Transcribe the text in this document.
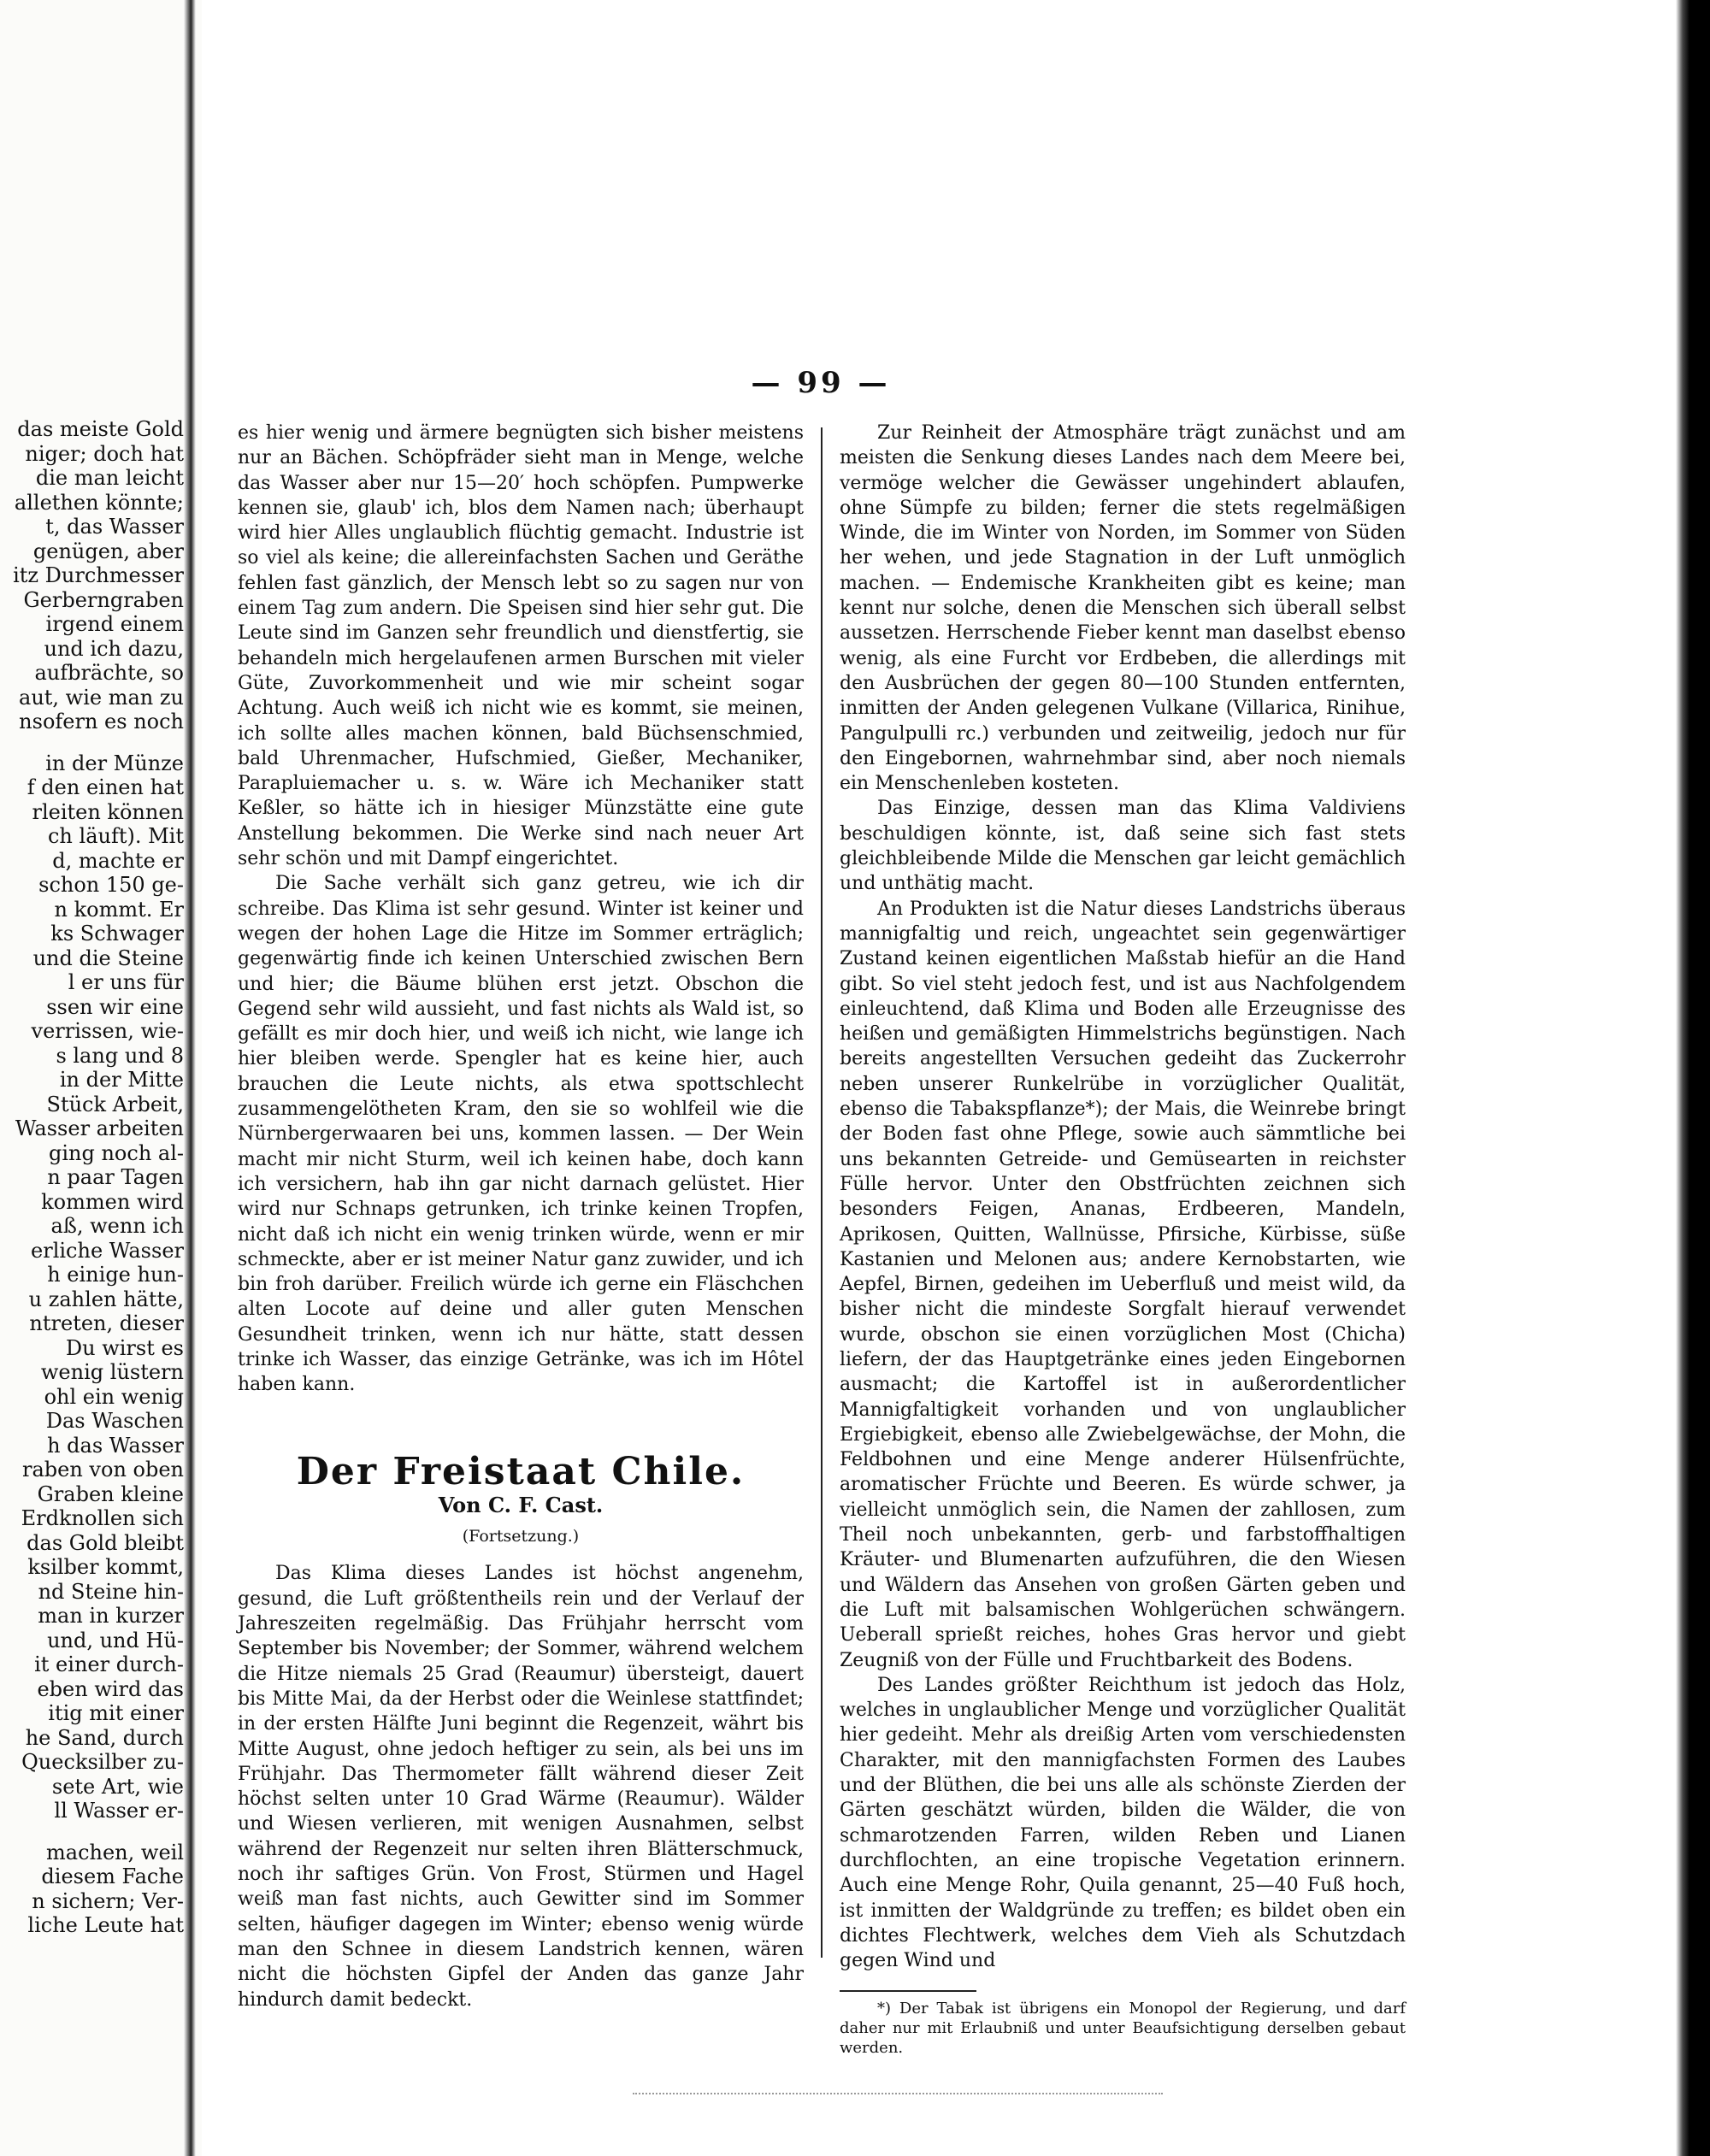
das meiste Gold
niger; doch hat
die man leicht
allethen könnte;
t, das Wasser
genügen, aber
itz Durchmesser
Gerberngraben
irgend einem
und ich dazu,
aufbrächte, so
aut, wie man zu
nsofern es noch
in der Münze
f den einen hat
rleiten können
ch läuft). Mit
d, machte er
schon 150 ge-
n kommt. Er
ks Schwager
und die Steine
l er uns für
ssen wir eine
verrissen, wie-
s lang und 8
in der Mitte
Stück Arbeit,
Wasser arbeiten
ging noch al-
n paar Tagen
kommen wird
aß, wenn ich
erliche Wasser
h einige hun-
u zahlen hätte,
ntreten, dieser
Du wirst es
wenig lüstern
ohl ein wenig
Das Waschen
h das Wasser
raben von oben
Graben kleine
Erdknollen sich
das Gold bleibt
ksilber kommt,
nd Steine hin-
man in kurzer
und, und Hü-
it einer durch-
eben wird das
itig mit einer
he Sand, durch
Quecksilber zu-
sete Art, wie
ll Wasser er-
machen, weil
diesem Fache
n sichern; Ver-
liche Leute hat
— 99 —

es hier wenig und ärmere begnügten sich bisher meistens nur an Bächen. Schöpfräder sieht man in Menge, welche das Wasser aber nur 15—20′ hoch schöpfen. Pumpwerke kennen sie, glaub' ich, blos dem Namen nach; überhaupt wird hier Alles unglaublich flüchtig gemacht. Industrie ist so viel als keine; die allereinfachsten Sachen und Geräthe fehlen fast gänzlich, der Mensch lebt so zu sagen nur von einem Tag zum andern. Die Speisen sind hier sehr gut. Die Leute sind im Ganzen sehr freundlich und dienstfertig, sie behandeln mich hergelaufenen armen Burschen mit vieler Güte, Zuvorkommenheit und wie mir scheint sogar Achtung. Auch weiß ich nicht wie es kommt, sie meinen, ich sollte alles machen können, bald Büchsenschmied, bald Uhrenmacher, Hufschmied, Gießer, Mechaniker, Parapluiemacher u. s. w. Wäre ich Mechaniker statt Keßler, so hätte ich in hiesiger Münzstätte eine gute Anstellung bekommen. Die Werke sind nach neuer Art sehr schön und mit Dampf eingerichtet.

Die Sache verhält sich ganz getreu, wie ich dir schreibe. Das Klima ist sehr gesund. Winter ist keiner und wegen der hohen Lage die Hitze im Sommer erträglich; gegenwärtig finde ich keinen Unterschied zwischen Bern und hier; die Bäume blühen erst jetzt. Obschon die Gegend sehr wild aussieht, und fast nichts als Wald ist, so gefällt es mir doch hier, und weiß ich nicht, wie lange ich hier bleiben werde. Spengler hat es keine hier, auch brauchen die Leute nichts, als etwa spottschlecht zusammengelötheten Kram, den sie so wohlfeil wie die Nürnbergerwaaren bei uns, kommen lassen. — Der Wein macht mir nicht Sturm, weil ich keinen habe, doch kann ich versichern, hab ihn gar nicht darnach gelüstet. Hier wird nur Schnaps getrunken, ich trinke keinen Tropfen, nicht daß ich nicht ein wenig trinken würde, wenn er mir schmeckte, aber er ist meiner Natur ganz zuwider, und ich bin froh darüber. Freilich würde ich gerne ein Fläschchen alten Locote auf deine und aller guten Menschen Gesundheit trinken, wenn ich nur hätte, statt dessen trinke ich Wasser, das einzige Getränke, was ich im Hôtel haben kann.

Der Freistaat Chile.
Von C. F. Cast.
(Fortsetzung.)

Das Klima dieses Landes ist höchst angenehm, gesund, die Luft größtentheils rein und der Verlauf der Jahreszeiten regelmäßig. Das Frühjahr herrscht vom September bis November; der Sommer, während welchem die Hitze niemals 25 Grad (Reaumur) übersteigt, dauert bis Mitte Mai, da der Herbst oder die Weinlese stattfindet; in der ersten Hälfte Juni beginnt die Regenzeit, währt bis Mitte August, ohne jedoch heftiger zu sein, als bei uns im Frühjahr. Das Thermometer fällt während dieser Zeit höchst selten unter 10 Grad Wärme (Reaumur). Wälder und Wiesen verlieren, mit wenigen Ausnahmen, selbst während der Regenzeit nur selten ihren Blätterschmuck, noch ihr saftiges Grün. Von Frost, Stürmen und Hagel weiß man fast nichts, auch Gewitter sind im Sommer selten, häufiger dagegen im Winter; ebenso wenig würde man den Schnee in diesem Landstrich kennen, wären nicht die höchsten Gipfel der Anden das ganze Jahr hindurch damit bedeckt.

Zur Reinheit der Atmosphäre trägt zunächst und am meisten die Senkung dieses Landes nach dem Meere bei, vermöge welcher die Gewässer ungehindert ablaufen, ohne Sümpfe zu bilden; ferner die stets regelmäßigen Winde, die im Winter von Norden, im Sommer von Süden her wehen, und jede Stagnation in der Luft unmöglich machen. — Endemische Krankheiten gibt es keine; man kennt nur solche, denen die Menschen sich überall selbst aussetzen. Herrschende Fieber kennt man daselbst ebenso wenig, als eine Furcht vor Erdbeben, die allerdings mit den Ausbrüchen der gegen 80—100 Stunden entfernten, inmitten der Anden gelegenen Vulkane (Villarica, Rinihue, Pangulpulli rc.) verbunden und zeitweilig, jedoch nur für den Eingebornen, wahrnehmbar sind, aber noch niemals ein Menschenleben kosteten.

Das Einzige, dessen man das Klima Valdiviens beschuldigen könnte, ist, daß seine sich fast stets gleichbleibende Milde die Menschen gar leicht gemächlich und unthätig macht.

An Produkten ist die Natur dieses Landstrichs überaus mannigfaltig und reich, ungeachtet sein gegenwärtiger Zustand keinen eigentlichen Maßstab hiefür an die Hand gibt. So viel steht jedoch fest, und ist aus Nachfolgendem einleuchtend, daß Klima und Boden alle Erzeugnisse des heißen und gemäßigten Himmelstrichs begünstigen. Nach bereits angestellten Versuchen gedeiht das Zuckerrohr neben unserer Runkelrübe in vorzüglicher Qualität, ebenso die Tabakspflanze*); der Mais, die Weinrebe bringt der Boden fast ohne Pflege, sowie auch sämmtliche bei uns bekannten Getreide- und Gemüsearten in reichster Fülle hervor. Unter den Obstfrüchten zeichnen sich besonders Feigen, Ananas, Erdbeeren, Mandeln, Aprikosen, Quitten, Wallnüsse, Pfirsiche, Kürbisse, süße Kastanien und Melonen aus; andere Kernobstarten, wie Aepfel, Birnen, gedeihen im Ueberfluß und meist wild, da bisher nicht die mindeste Sorgfalt hierauf verwendet wurde, obschon sie einen vorzüglichen Most (Chicha) liefern, der das Hauptgetränke eines jeden Eingebornen ausmacht; die Kartoffel ist in außerordentlicher Mannigfaltigkeit vorhanden und von unglaublicher Ergiebigkeit, ebenso alle Zwiebelgewächse, der Mohn, die Feldbohnen und eine Menge anderer Hülsenfrüchte, aromatischer Früchte und Beeren. Es würde schwer, ja vielleicht unmöglich sein, die Namen der zahllosen, zum Theil noch unbekannten, gerb- und farbstoffhaltigen Kräuter- und Blumenarten aufzuführen, die den Wiesen und Wäldern das Ansehen von großen Gärten geben und die Luft mit balsamischen Wohlgerüchen schwängern. Ueberall sprießt reiches, hohes Gras hervor und giebt Zeugniß von der Fülle und Fruchtbarkeit des Bodens.

Des Landes größter Reichthum ist jedoch das Holz, welches in unglaublicher Menge und vorzüglicher Qualität hier gedeiht. Mehr als dreißig Arten vom verschiedensten Charakter, mit den mannigfachsten Formen des Laubes und der Blüthen, die bei uns alle als schönste Zierden der Gärten geschätzt würden, bilden die Wälder, die von schmarotzenden Farren, wilden Reben und Lianen durchflochten, an eine tropische Vegetation erinnern. Auch eine Menge Rohr, Quila genannt, 25—40 Fuß hoch, ist inmitten der Waldgründe zu treffen; es bildet oben ein dichtes Flechtwerk, welches dem Vieh als Schutzdach gegen Wind und

*) Der Tabak ist übrigens ein Monopol der Regierung, und darf daher nur mit Erlaubniß und unter Beaufsichtigung derselben gebaut werden.
